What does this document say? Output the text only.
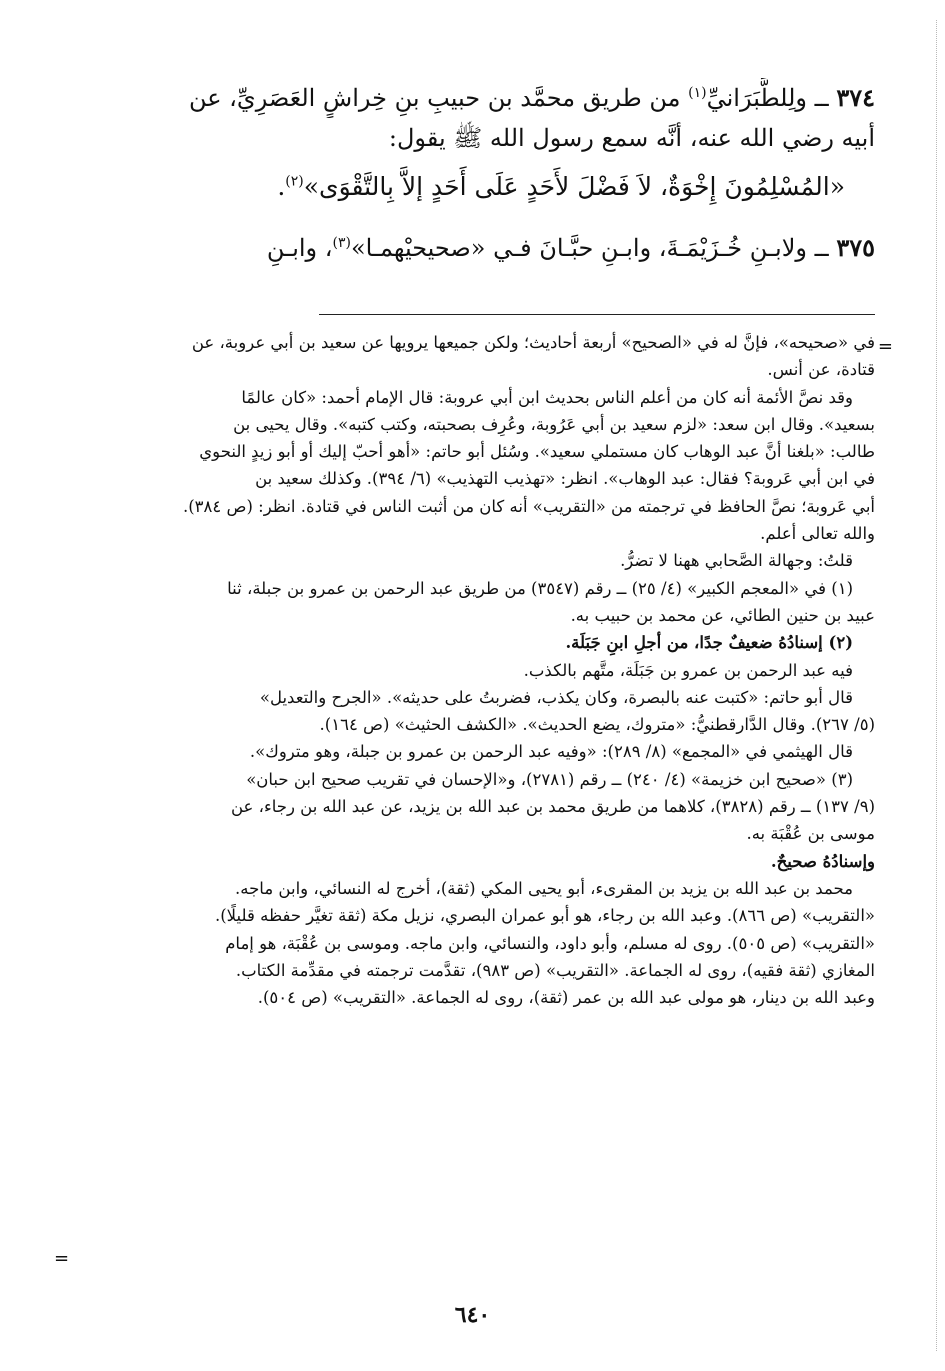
٣٧٤ ــ ولِلطَّبَرَانيِّ$^{(١)}$ من طريق محمَّد بن حبيبِ بنِ خِراشٍ العَصَرِيِّ، عن

أبيه رضي الله عنه، أنَّه سمع رسول الله ﷺ يقول:

«المُسْلِمُونَ إِخْوَةٌ، لاَ فَضْلَ لأَحَدٍ عَلَى أَحَدٍ إلاَّ بِالتَّقْوَى»$^{(٢)}$.

٣٧٥ ــ ولابـنِ خُـزَيْمَـةَ، وابـنِ حبَّـانَ فـي «صحيحيْهمـا»$^{(٣)}$، وابـنِ

=

في «صحيحه»، فإنَّ له في «الصحيح» أربعة أحاديث؛ ولكن جميعها يرويها عن سعيد بن أبي عروبة، عن

قتادة، عن أنس.

وقد نصَّ الأئمة أنه كان من أعلم الناس بحديث ابن أبي عروبة: قال الإمام أحمد: «كان عالمًا

بسعيد». وقال ابن سعد: «لزم سعيد بن أبي عَرُوبة، وعُرِف بصحبته، وكتب كتبه». وقال يحيى بن

طالب: «بلغنا أنَّ عبد الوهاب كان مستملي سعيد». وسُئل أبو حاتم: «أهو أحبّ إليك أو أبو زيدٍ النحوي

في ابن أبي عَروبة؟ فقال: عبد الوهاب». انظر: «تهذيب التهذيب» (٦/ ٣٩٤). وكذلك سعيد بن

أبي عَروبة؛ نصَّ الحافظ في ترجمته من «التقريب» أنه كان من أثبت الناس في قتادة. انظر: (ص ٣٨٤).

والله تعالى أعلم.

قلتُ: وجهالة الصَّحابي ههنا لا تضرُّ.

(١) في «المعجم الكبير» (٤/ ٢٥) ــ رقم (٣٥٤٧) من طريق عبد الرحمن بن عمرو بن جبلة، ثنا

عبيد بن حنين الطائي، عن محمد بن حبيب به.

(٢) إسنادُهُ ضعيفٌ جدًا، من أجلِ ابنِ جَبَلَة.

فيه عبد الرحمن بن عمرو بن جَبَلَة، متَّهم بالكذب.

قال أبو حاتم: «كتبت عنه بالبصرة، وكان يكذب، فضربتُ على حديثه». «الجرح والتعديل»

(٥/ ٢٦٧). وقال الدَّارقطنيُّ: «متروك، يضع الحديث». «الكشف الحثيث» (ص ١٦٤).

قال الهيثمي في «المجمع» (٨/ ٢٨٩): «وفيه عبد الرحمن بن عمرو بن جبلة، وهو متروك».

(٣) «صحيح ابن خزيمة» (٤/ ٢٤٠) ــ رقم (٢٧٨١)، و«الإحسان في تقريب صحيح ابن حبان»

(٩/ ١٣٧) ــ رقم (٣٨٢٨)، كلاهما من طريق محمد بن عبد الله بن يزيد، عن عبد الله بن رجاء، عن

موسى بن عُقْبَة به.

وإسنادُهُ صحيحٌ.

محمد بن عبد الله بن يزيد بن المقرىء، أبو يحيى المكي (ثقة)، أخرج له النسائي، وابن ماجه.

«التقريب» (ص ٨٦٦). وعبد الله بن رجاء، هو أبو عمران البصري، نزيل مكة (ثقة تغيَّر حفظه قليلًا).

«التقريب» (ص ٥٠٥). روى له مسلم، وأبو داود، والنسائي، وابن ماجه. وموسى بن عُقْبَة، هو إمام

المغازي (ثقة فقيه)، روى له الجماعة. «التقريب» (ص ٩٨٣)، تقدَّمت ترجمته في مقدِّمة الكتاب.

وعبد الله بن دينار، هو مولى عبد الله بن عمر (ثقة)، روى له الجماعة. «التقريب» (ص ٥٠٤).

=
٦٤٠
